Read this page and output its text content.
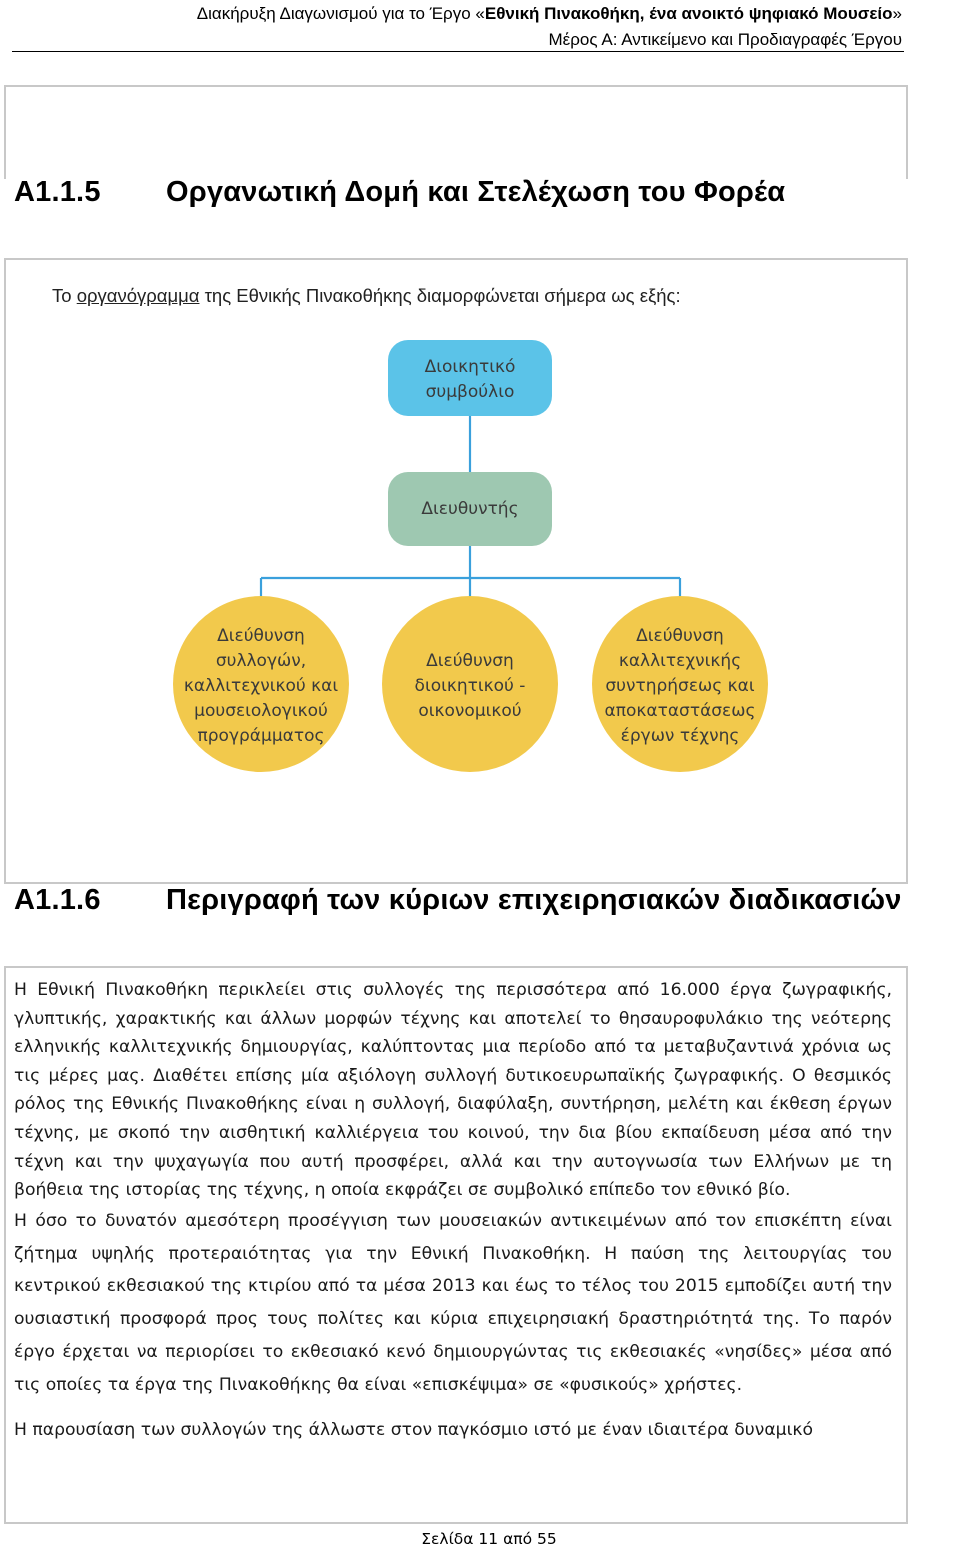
Διακήρυξη Διαγωνισμού για το Έργο «Εθνική Πινακοθήκη, ένα ανοικτό ψηφιακό Μουσείο»
Μέρος Α: Αντικείμενο και Προδιαγραφές Έργου
A1.1.5 Οργανωτική Δομή και Στελέχωση του Φορέα
Το οργανόγραμμα της Εθνικής Πινακοθήκης διαμορφώνεται σήμερα ως εξής:
Διοικητικό
συμβούλιο
Διευθυντής
Διεύθυνση
συλλογών,
καλλιτεχνικού και
μουσειολογικού
προγράμματος
Διεύθυνση
διοικητικού -
οικονομικού
Διεύθυνση
καλλιτεχνικής
συντηρήσεως και
αποκαταστάσεως
έργων τέχνης
A1.1.6 Περιγραφή των κύριων επιχειρησιακών διαδικασιών

Η Εθνική Πινακοθήκη περικλείει στις συλλογές της περισσότερα από 16.000 έργα ζωγραφικής, γλυπτικής, χαρακτικής και άλλων μορφών τέχνης και αποτελεί το θησαυροφυλάκιο της νεότερης ελληνικής καλλιτεχνικής δημιουργίας, καλύπτοντας μια περίοδο από τα μεταβυζαντινά χρόνια ως τις μέρες μας. Διαθέτει επίσης μία αξιόλογη συλλογή δυτικοευρωπαϊκής ζωγραφικής. Ο θεσμικός ρόλος της Εθνικής Πινακοθήκης είναι η συλλογή, διαφύλαξη, συντήρηση, μελέτη και έκθεση έργων τέχνης, με σκοπό την αισθητική καλλιέργεια του κοινού, την δια βίου εκπαίδευση μέσα από την τέχνη και την ψυχαγωγία που αυτή προσφέρει, αλλά και την αυτογνωσία των Ελλήνων με τη βοήθεια της ιστορίας της τέχνης, η οποία εκφράζει σε συμβολικό επίπεδο τον εθνικό βίο.

Η όσο το δυνατόν αμεσότερη προσέγγιση των μουσειακών αντικειμένων από τον επισκέπτη είναι ζήτημα υψηλής προτεραιότητας για την Εθνική Πινακοθήκη. Η παύση της λειτουργίας του κεντρικού εκθεσιακού της κτιρίου από τα μέσα 2013 και έως το τέλος του 2015 εμποδίζει αυτή την ουσιαστική προσφορά προς τους πολίτες και κύρια επιχειρησιακή δραστηριότητά της. Το παρόν έργο έρχεται να περιορίσει το εκθεσιακό κενό δημιουργώντας τις εκθεσιακές «νησίδες» μέσα από τις οποίες τα έργα της Πινακοθήκης θα είναι «επισκέψιμα» σε «φυσικούς» χρήστες.

Η παρουσίαση των συλλογών της άλλωστε στον παγκόσμιο ιστό με έναν ιδιαιτέρα δυναμικό

Σελίδα 11 από 55
